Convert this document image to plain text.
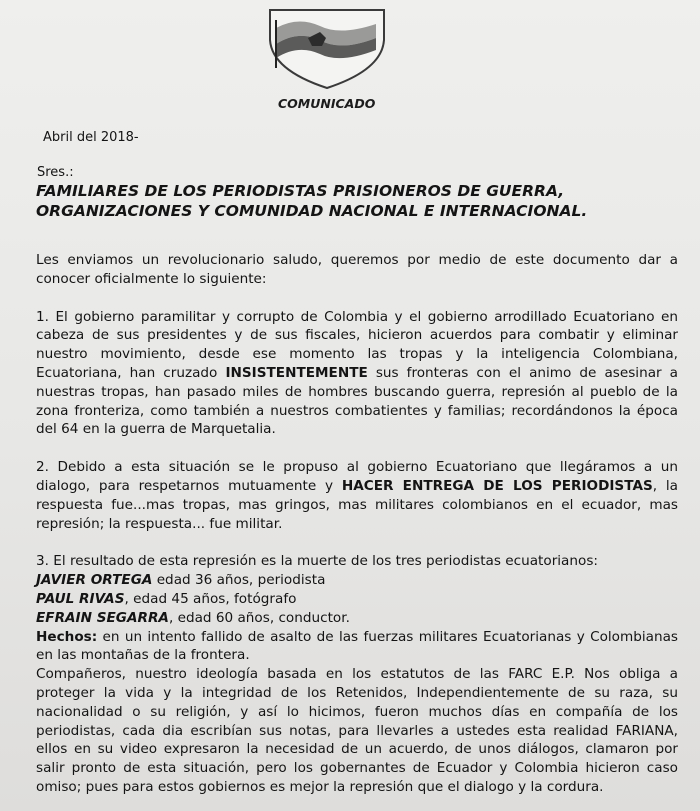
COMUNICADO
Abril del 2018-
Sres.:
FAMILIARES DE LOS PERIODISTAS PRISIONEROS DE GUERRA,
ORGANIZACIONES Y COMUNIDAD NACIONAL E INTERNACIONAL.
Les enviamos un revolucionario saludo, queremos por medio de este documento dar a
conocer oficialmente lo siguiente:
1. El gobierno paramilitar y corrupto de Colombia y el gobierno arrodillado Ecuatoriano en
cabeza de sus presidentes y de sus fiscales, hicieron acuerdos para combatir y eliminar
nuestro movimiento, desde ese momento las tropas y la inteligencia Colombiana,
Ecuatoriana, han cruzado INSISTENTEMENTE sus fronteras con el animo de asesinar a
nuestras tropas, han pasado miles de hombres buscando guerra, represión al pueblo de la
zona fronteriza, como también a nuestros combatientes y familias; recordándonos la época
del 64 en la guerra de Marquetalia.
2. Debido a esta situación se le propuso al gobierno Ecuatoriano que llegáramos a un
dialogo, para respetarnos mutuamente y HACER ENTREGA DE LOS PERIODISTAS, la
respuesta fue...mas tropas, mas gringos, mas militares colombianos en el ecuador, mas
represión; la respuesta... fue militar.
3. El resultado de esta represión es la muerte de los tres periodistas ecuatorianos:
JAVIER ORTEGA edad 36 años, periodista
PAUL RIVAS, edad 45 años, fotógrafo
EFRAIN SEGARRA, edad 60 años, conductor.
Hechos: en un intento fallido de asalto de las fuerzas militares Ecuatorianas y Colombianas
en las montañas de la frontera.
Compañeros, nuestro ideología basada en los estatutos de las FARC E.P. Nos obliga a
proteger la vida y la integridad de los Retenidos, Independientemente de su raza, su
nacionalidad o su religión, y así lo hicimos, fueron muchos días en compañía de los
periodistas, cada dia escribían sus notas, para llevarles a ustedes esta realidad FARIANA,
ellos en su video expresaron la necesidad de un acuerdo, de unos diálogos, clamaron por
salir pronto de esta situación, pero los gobernantes de Ecuador y Colombia hicieron caso
omiso; pues para estos gobiernos es mejor la represión que el dialogo y la cordura.
